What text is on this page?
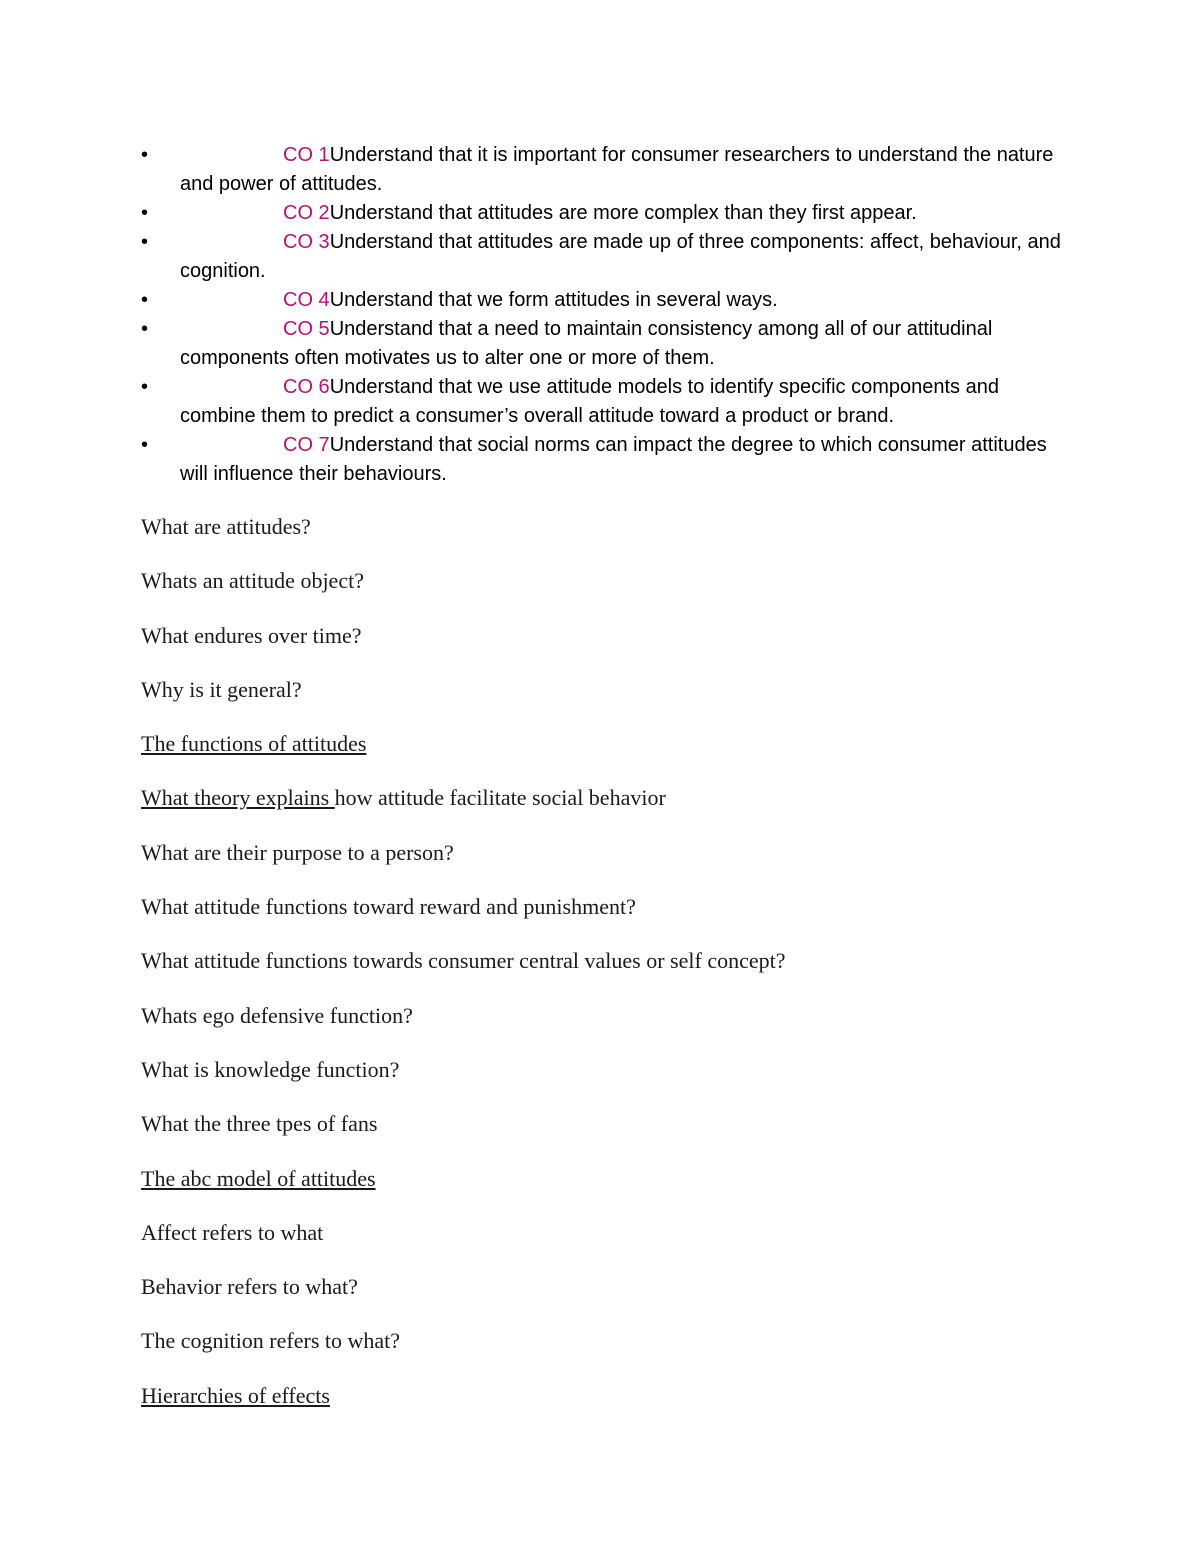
•	CO 1Understand that it is important for consumer researchers to understand the nature and power of attitudes.
•	CO 2Understand that attitudes are more complex than they first appear.
•	CO 3Understand that attitudes are made up of three components: affect, behaviour, and cognition.
•	CO 4Understand that we form attitudes in several ways.
•	CO 5Understand that a need to maintain consistency among all of our attitudinal components often motivates us to alter one or more of them.
•	CO 6Understand that we use attitude models to identify specific components and combine them to predict a consumer’s overall attitude toward a product or brand.
•	CO 7Understand that social norms can impact the degree to which consumer attitudes will influence their behaviours.

What are attitudes?

Whats an attitude object?

What endures over time?

Why is it general?

The functions of attitudes

What theory explains how attitude facilitate social behavior

What are their purpose to a person?

What attitude functions toward reward and punishment?

What attitude functions towards consumer central values or self concept?

Whats ego defensive function?

What is knowledge function?

What the three tpes of fans

The abc model of attitudes

Affect refers to what

Behavior refers to what?

The cognition refers to what?

Hierarchies of effects
